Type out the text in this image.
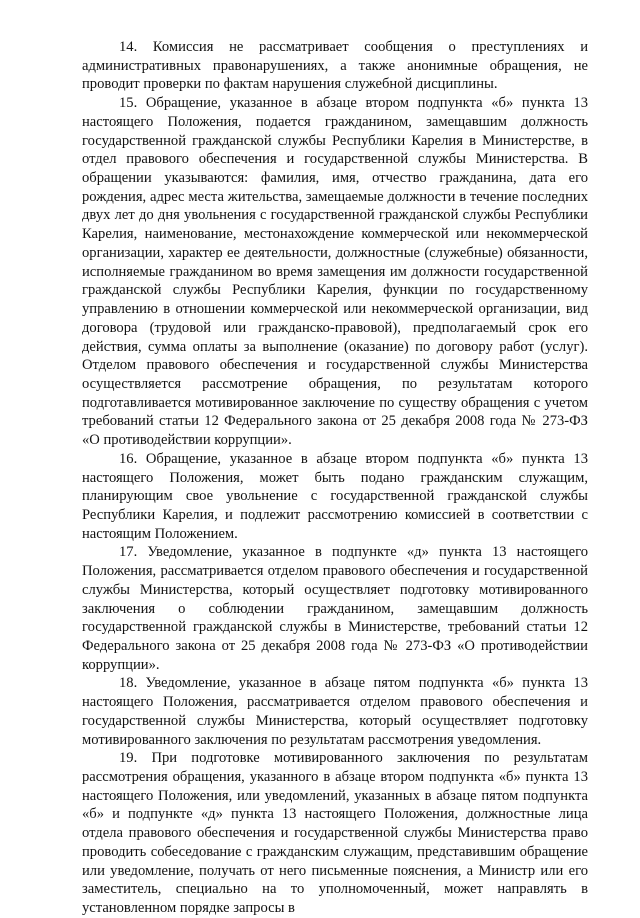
14. Комиссия не рассматривает сообщения о преступлениях и административных правонарушениях, а также анонимные обращения, не проводит проверки по фактам нарушения служебной дисциплины.

15. Обращение, указанное в абзаце втором подпункта «б» пункта 13 настоящего Положения, подается гражданином, замещавшим должность государственной гражданской службы Республики Карелия в Министерстве, в отдел правового обеспечения и государственной службы Министерства. В обращении указываются: фамилия, имя, отчество гражданина, дата его рождения, адрес места жительства, замещаемые должности в течение последних двух лет до дня увольнения с государственной гражданской службы Республики Карелия, наименование, местонахождение коммерческой или некоммерческой организации, характер ее деятельности, должностные (служебные) обязанности, исполняемые гражданином во время замещения им должности государственной гражданской службы Республики Карелия, функции по государственному управлению в отношении коммерческой или некоммерческой организации, вид договора (трудовой или гражданско-правовой), предполагаемый срок его действия, сумма оплаты за выполнение (оказание) по договору работ (услуг). Отделом правового обеспечения и государственной службы Министерства осуществляется рассмотрение обращения, по результатам которого подготавливается мотивированное заключение по существу обращения с учетом требований статьи 12 Федерального закона от 25 декабря 2008 года № 273-ФЗ «О противодействии коррупции».

16. Обращение, указанное в абзаце втором подпункта «б» пункта 13 настоящего Положения, может быть подано гражданским служащим, планирующим свое увольнение с государственной гражданской службы Республики Карелия, и подлежит рассмотрению комиссией в соответствии с настоящим Положением.

17. Уведомление, указанное в подпункте «д» пункта 13 настоящего Положения, рассматривается отделом правового обеспечения и государственной службы Министерства, который осуществляет подготовку мотивированного заключения о соблюдении гражданином, замещавшим должность государственной гражданской службы в Министерстве, требований статьи 12 Федерального закона от 25 декабря 2008 года № 273-ФЗ «О противодействии коррупции».

18. Уведомление, указанное в абзаце пятом подпункта «б» пункта 13 настоящего Положения, рассматривается отделом правового обеспечения и государственной службы Министерства, который осуществляет подготовку мотивированного заключения по результатам рассмотрения уведомления.

19. При подготовке мотивированного заключения по результатам рассмотрения обращения, указанного в абзаце втором подпункта «б» пункта 13 настоящего Положения, или уведомлений, указанных в абзаце пятом подпункта «б» и подпункте «д» пункта 13 настоящего Положения, должностные лица отдела правового обеспечения и государственной службы Министерства право проводить собеседование с гражданским служащим, представившим обращение или уведомление, получать от него письменные пояснения, а Министр или его заместитель, специально на то уполномоченный, может направлять в установленном порядке запросы в
